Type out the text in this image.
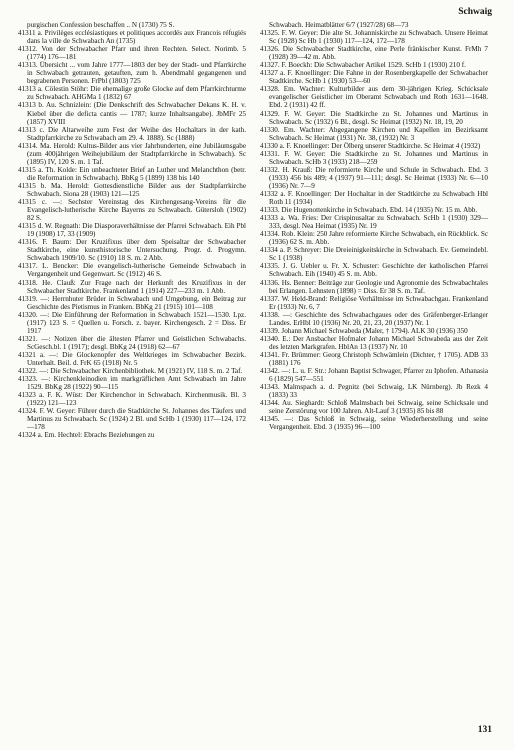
Schwaig

purgischen Confession beschaffen .. N (1730) 75 S.

41311 a. Privilèges ecclésiastiques et politiques accordés aux Francois réfugiés dans la ville de Schwabach An (1735)

41312. Von der Schwabacher Pfarr und ihren Rechten. Select. Norimb. 5 (1774) 176—181

41313. Übersicht ... vom Jahre 1777—1803 der bey der Stadt- und Pfarrkirche in Schwabach getrauten, getauften, zum h. Abendmahl gegangenen und begrabenen Personen. FrPbl (1803) 725

41313 a. Cölestin Stöhr: Die ehemalige große Glocke auf dem Pfarrkirchturme zu Schwabach. AHGMa 1 (1832) 67

41313 b. Au. Schnizlein: (Die Denkschrift des Schwabacher Dekans K. H. v. Kiebel über die deficta cantis — 1787; kurze Inhaltsangabe). JbMFr 25 (1857) XVIII

41313 c. Die Altarweihe zum Fest der Weihe des Hochaltars in der kath. Stadtpfarrkirche zu Schwabach am 29. 4. 1888). Sc (1888)

41314. Ma. Herold: Kultus-Bilder aus vier Jahrhunderten, eine Jubiläumsgabe (zum 400jährigen Weihejubiläum der Stadtpfarrkirche in Schwabach). Sc (1895) IV, 120 S. m. 1 Taf.

41315 a. Th. Kolde: Ein unbeachteter Brief an Luther und Melanchthon (betr. die Reformation in Schwabach). BbKg 5 (1899) 138 bis 140

41315 b. Ma. Herold: Gottesdienstliche Bilder aus der Stadtpfarrkirche Schwabach. Siona 28 (1903) 121—125

41315 c. —: Sechster Vereinstag des Kirchengesang-Vereins für die Evangelisch-lutherische Kirche Bayerns zu Schwabach. Gütersloh (1902) 82 S.

41315 d. W. Regnath: Die Diasporaverhältnisse der Pfarrei Schwabach. Eih Pbl 19 (1908) 17, 33 (1909)

41316. F. Baum: Der Kruzifixus über dem Speisaltar der Schwabacher Stadtkirche, eine kunsthistorische Untersuchung. Progr. d. Progymn. Schwabach 1909/10. Sc (1910) 18 S. m. 2 Abb.

41317. L. Bencker: Die evangelisch-lutherische Gemeinde Schwabach in Vergangenheit und Gegenwart. Sc (1912) 46 S.

41318. He. Clauß: Zur Frage nach der Herkunft des Kruzifixus in der Schwabacher Stadtkirche. Frankenland 1 (1914) 227—233 m. 1 Abb.

41319. —: Herrnhuter Brüder in Schwabach und Umgebung, ein Beitrag zur Geschichte des Pietismus in Franken. BbKg 21 (1915) 101—108

41320. —: Die Einführung der Reformation in Schwabach 1521—1530. Lpz. (1917) 123 S. = Quellen u. Forsch. z. bayer. Kirchengesch. 2 = Diss. Er 1917

41321. —: Notizen über die ältesten Pfarrer und Geistlichen Schwabachs. ScGesch.bl. 1 (1917); desgl. BbKg 24 (1918) 62—67

41321 a. —: Die Glockenopfer des Weltkrieges im Schwabacher Bezirk. Unterhalt. Beil. d. FrK 65 (1918) Nr. 5

41322. —: Die Schwabacher Kirchenbibliothek. M (1921) IV, 118 S. m. 2 Taf.

41323. —: Kirchenkleinodien im markgräflichen Amt Schwabach im Jahre 1529. BbKg 28 (1922) 90—115

41323 a. F. K. Wüst: Der Kirchenchor in Schwabach. Kirchenmusik. Bl. 3 (1922) 121—123

41324. F. W. Geyer: Führer durch die Stadtkirche St. Johannes des Täufers und Martinus zu Schwabach. Sc (1924) 2 Bl. und ScHb 1 (1930) 117—124, 172—178

41324 a. Em. Hechtel: Ebrachs Beziehungen zu

Schwabach. Heimatblätter 6/7 (1927/28) 68—73

41325. F. W. Geyer: Die alte St. Johanniskirche zu Schwabach. Unsere Heimat Sc (1928) Sc Hb 1 (1930) 117—124, 172—178

41326. Die Schwabacher Stadtkirche, eine Perle fränkischer Kunst. FrMh 7 (1928) 39—42 m. Abb.

41327. F. Boeckh: Die Schwabacher Artikel 1529. ScHb 1 (1930) 210 f.

41327 a. F. Knoellinger: Die Fahne in der Rosenbergkapelle der Schwabacher Stadtkirche. ScHb 1 (1930) 53—60

41328. Em. Wachter: Kulturbilder aus dem 30-jährigen Krieg. Schicksale evangelischer Geistlicher im Oberamt Schwabach und Roth 1631—1648. Ebd. 2 (1931) 42 ff.

41329. F. W. Geyer: Die Stadtkirche zu St. Johannes und Martinus in Schwabach. Sc (1932) 6 Bl., desgl. Sc Heimat (1932) Nr. 18, 19, 20

41330. Em. Wachter: Abgegangene Kirchen und Kapellen im Bezirksamt Schwabach. Sc Heimat (1931) Nr. 38, (1932) Nr. 3

41330 a. F. Knoellinger: Der Ölberg unserer Stadtkirche. Sc Heimat 4 (1932)

41331. F. W. Geyer: Die Stadtkirche zu St. Johannes und Martinus in Schwabach. ScHb 3 (1933) 218—259

41332. H. Krauß: Die reformierte Kirche und Schule in Schwabach. Ebd. 3 (1933) 456 bis 489; 4 (1937) 91—111; desgl. Sc Heimat (1933) Nr. 6—10 (1936) Nr. 7—9

41332 a. F. Knoellinger: Der Hochaltar in der Stadtkirche zu Schwabach Hbl Roth 11 (1934)

41333. Die Hugenottenkirche in Schwabach. Ebd. 14 (1935) Nr. 15 m. Abb.

41333 a. Wa. Fries: Der Crispinusaltar zu Schwabach. ScHb 1 (1930) 329—333, desgl. Nea Heimat (1935) Nr. 19

41334. Rob. Klein: 250 Jahre reformierte Kirche Schwabach, ein Rückblick. Sc (1936) 62 S. m. Abb.

41334 a. P. Schreyer: Die Dreieinigkeitskirche in Schwabach. Ev. Gemeindebl. Sc 1 (1938)

41335. J. G. Uebler u. Fr. X. Schuster: Geschichte der katholischen Pfarrei Schwabach. Eih (1940) 45 S. m. Abb.

41336. Hs. Benner: Beiträge zur Geologie und Agronomie des Schwabachtales bei Erlangen. Lehnsten (1898) = Diss. Er 38 S. m. Taf.

41337. W. Held-Brand: Religiöse Verhältnisse im Schwabachgau. Frankenland Er (1933) Nr. 6, 7

41338. —: Geschichte des Schwabachgaues oder des Gräfenberger-Erlanger Landes. ErHbl 10 (1936) Nr. 20, 21, 23, 20 (1937) Nr. 1

41339. Johann Michael Schwabeda (Maler, † 1794). ALK 30 (1936) 350

41340. E.: Der Ansbacher Hofmaler Johann Michael Schwabeda aus der Zeit des letzten Markgrafen. HblAn 13 (1937) Nr. 10

41341. Fr. Brümmer: Georg Christoph Schwämlein (Dichter, † 1705). ADB 33 (1881) 176

41342. —: L. u. F. Str.: Johann Baptist Schwager, Pfarrer zu Iphofen. Athanasia 6 (1829) 547—551

41343. Malmspach a. d. Pegnitz (bei Schwaig, LK Nürnberg). Jb Rezk 4 (1833) 33

41344. Au. Sieghardt: Schloß Malmsbach bei Schwaig, seine Schicksale und seine Zerstörung vor 100 Jahren. Alt-Lauf 3 (1935) 85 bis 88

41345. —: Das Schloß in Schwaig, seine Wiederherstellung und seine Vergangenheit. Ebd. 3 (1935) 96—100

131
